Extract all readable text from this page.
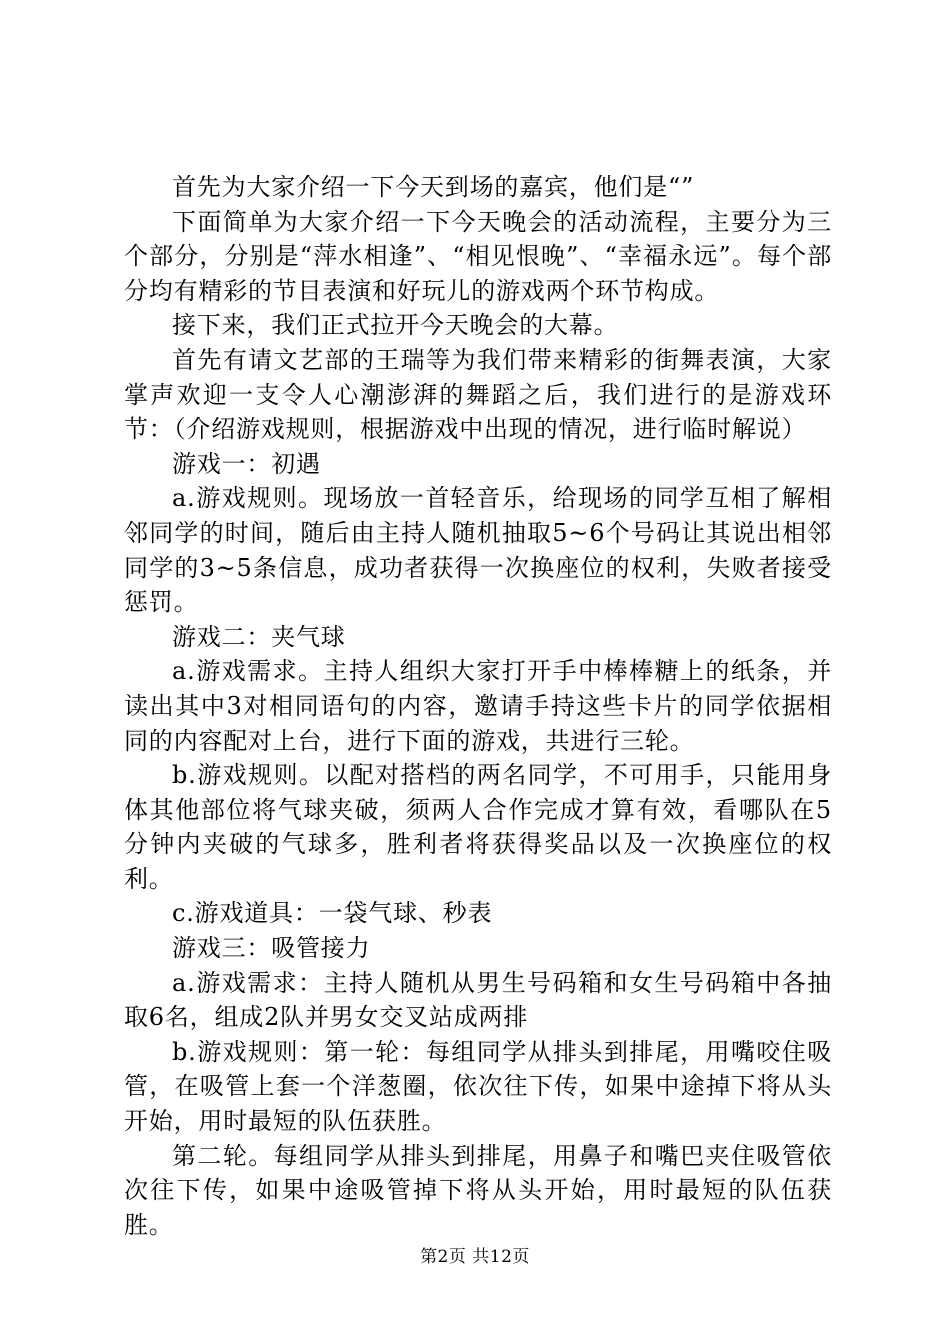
首先为大家介绍一下今天到场的嘉宾，他们是“”

下面简单为大家介绍一下今天晚会的活动流程，主要分为三个部分，分别是“萍水相逢”、“相见恨晚”、“幸福永远”。每个部分均有精彩的节目表演和好玩儿的游戏两个环节构成。

接下来，我们正式拉开今天晚会的大幕。

首先有请文艺部的王瑞等为我们带来精彩的街舞表演，大家掌声欢迎一支令人心潮澎湃的舞蹈之后，我们进行的是游戏环节：（介绍游戏规则，根据游戏中出现的情况，进行临时解说）

游戏一：初遇

a.游戏规则。现场放一首轻音乐，给现场的同学互相了解相邻同学的时间，随后由主持人随机抽取5~6个号码让其说出相邻同学的3~5条信息，成功者获得一次换座位的权利，失败者接受惩罚。

游戏二：夹气球

a.游戏需求。主持人组织大家打开手中棒棒糖上的纸条，并读出其中3对相同语句的内容，邀请手持这些卡片的同学依据相同的内容配对上台，进行下面的游戏，共进行三轮。

b.游戏规则。以配对搭档的两名同学，不可用手，只能用身体其他部位将气球夹破，须两人合作完成才算有效，看哪队在5分钟内夹破的气球多，胜利者将获得奖品以及一次换座位的权利。

c.游戏道具：一袋气球、秒表

游戏三：吸管接力

a.游戏需求：主持人随机从男生号码箱和女生号码箱中各抽取6名，组成2队并男女交叉站成两排

b.游戏规则：第一轮：每组同学从排头到排尾，用嘴咬住吸管，在吸管上套一个洋葱圈，依次往下传，如果中途掉下将从头开始，用时最短的队伍获胜。

第二轮。每组同学从排头到排尾，用鼻子和嘴巴夹住吸管依次往下传，如果中途吸管掉下将从头开始，用时最短的队伍获胜。

第2页 共12页
